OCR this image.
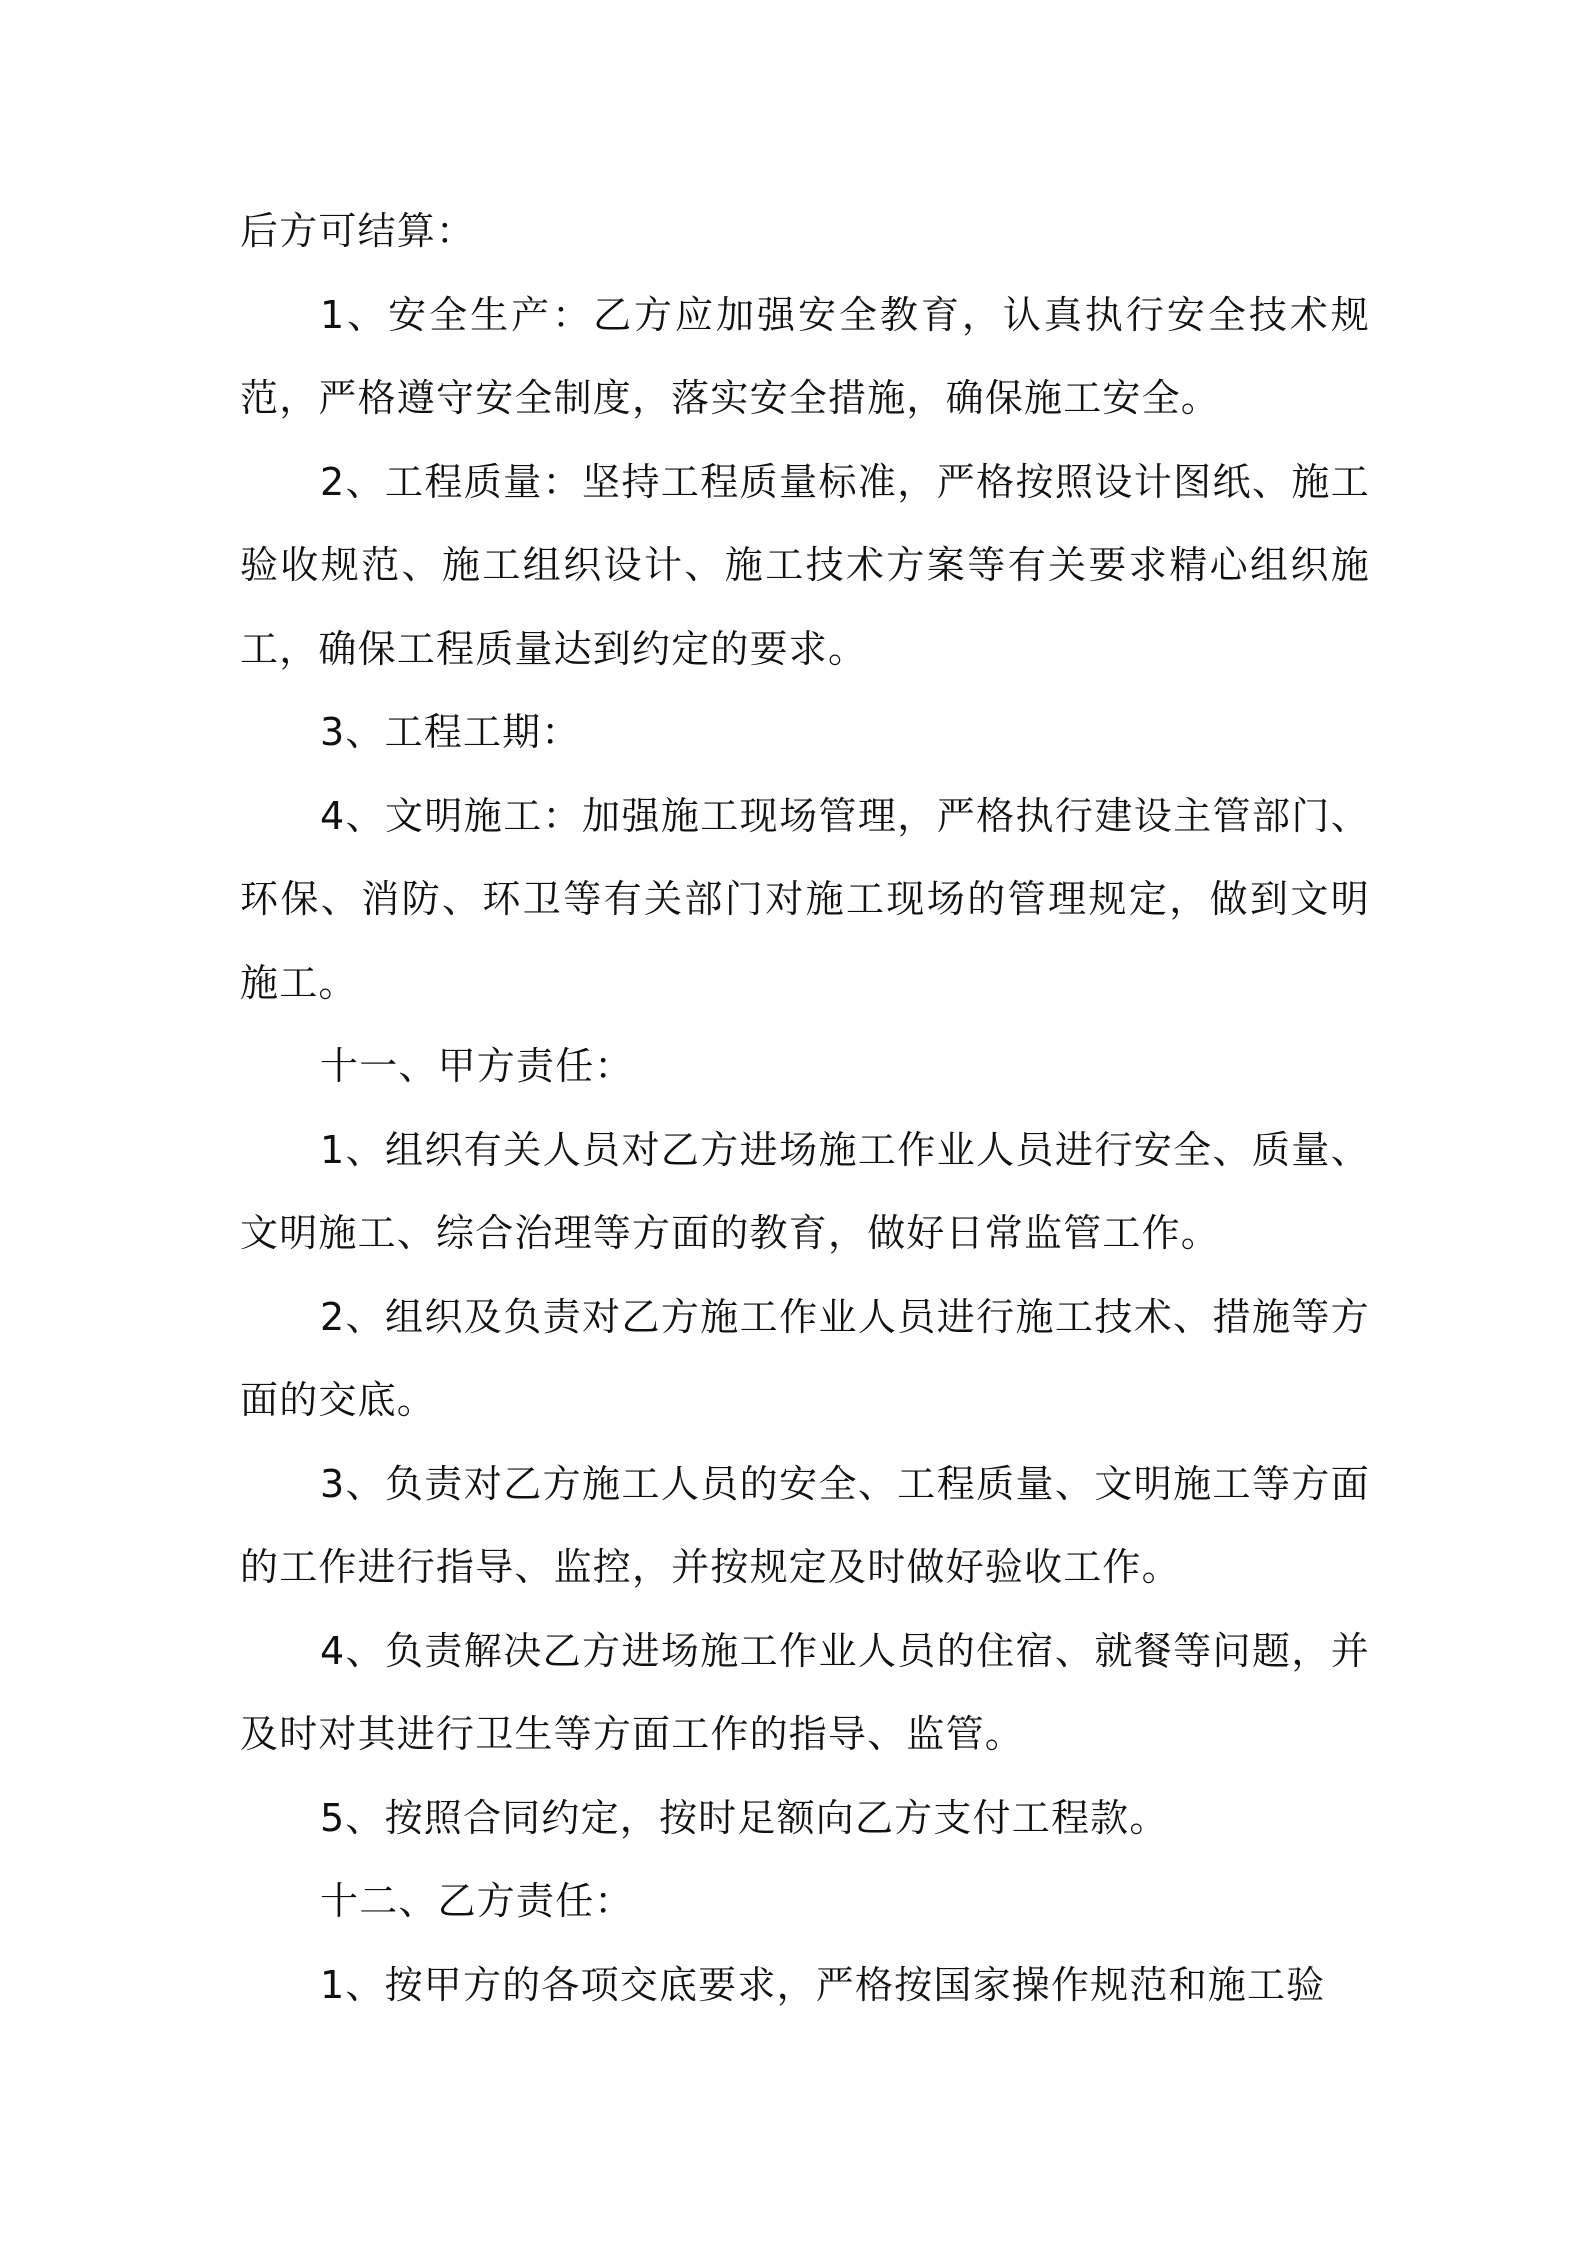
后方可结算：

1、安全生产：乙方应加强安全教育，认真执行安全技术规范，严格遵守安全制度，落实安全措施，确保施工安全。

2、工程质量：坚持工程质量标准，严格按照设计图纸、施工验收规范、施工组织设计、施工技术方案等有关要求精心组织施工，确保工程质量达到约定的要求。

3、工程工期：

4、文明施工：加强施工现场管理，严格执行建设主管部门、环保、消防、环卫等有关部门对施工现场的管理规定，做到文明施工。

十一、甲方责任：

1、组织有关人员对乙方进场施工作业人员进行安全、质量、文明施工、综合治理等方面的教育，做好日常监管工作。

2、组织及负责对乙方施工作业人员进行施工技术、措施等方面的交底。

3、负责对乙方施工人员的安全、工程质量、文明施工等方面的工作进行指导、监控，并按规定及时做好验收工作。

4、负责解决乙方进场施工作业人员的住宿、就餐等问题，并及时对其进行卫生等方面工作的指导、监管。

5、按照合同约定，按时足额向乙方支付工程款。

十二、乙方责任：

1、按甲方的各项交底要求，严格按国家操作规范和施工验
